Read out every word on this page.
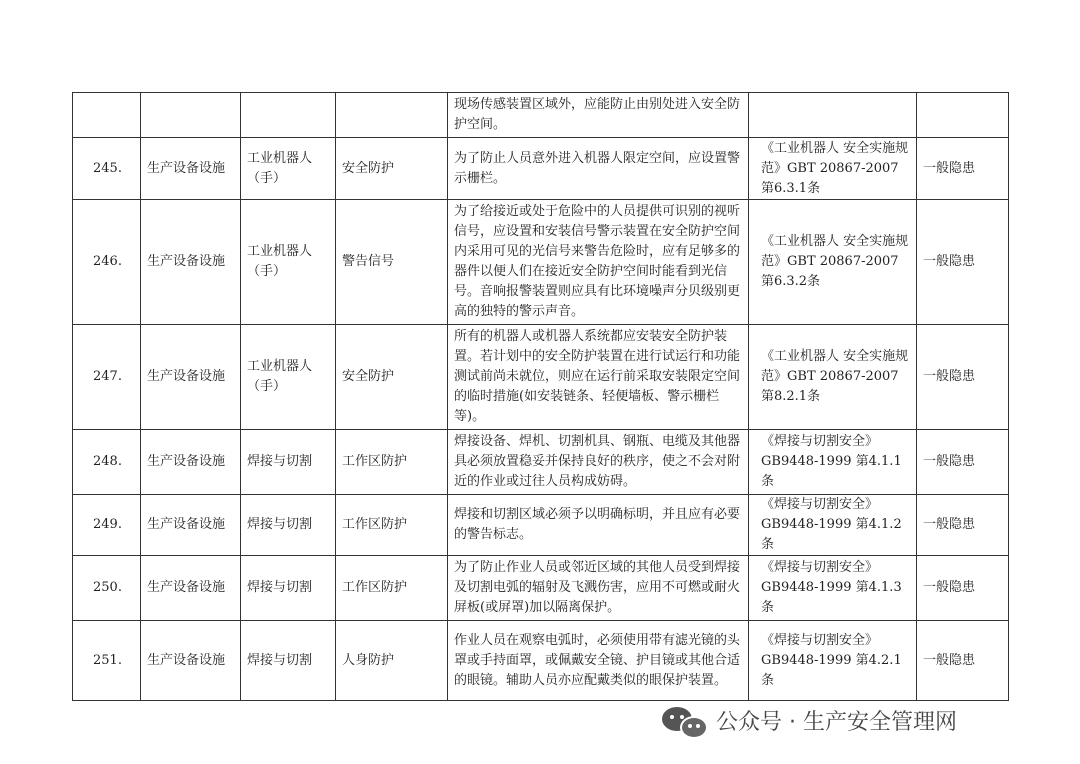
				现场传感装置区域外，应能防止由别处进入安全防护空间。		
245.	生产设备设施	工业机器人（手）	安全防护	为了防止人员意外进入机器人限定空间，应设置警示栅栏。	《工业机器人 安全实施规范》GBT 20867-2007 第6.3.1条	一般隐患
246.	生产设备设施	工业机器人（手）	警告信号	为了给接近或处于危险中的人员提供可识别的视听信号，应设置和安装信号警示装置在安全防护空间内采用可见的光信号来警告危险时，应有足够多的器件以便人们在接近安全防护空间时能看到光信号。音响报警装置则应具有比环境噪声分贝级别更高的独特的警示声音。	《工业机器人 安全实施规范》GBT 20867-2007 第6.3.2条	一般隐患
247.	生产设备设施	工业机器人（手）	安全防护	所有的机器人或机器人系统都应安装安全防护装置。若计划中的安全防护装置在进行试运行和功能测试前尚未就位，则应在运行前采取安装限定空间的临时措施(如安装链条、轻便墙板、警示栅栏等)。	《工业机器人 安全实施规范》GBT 20867-2007 第8.2.1条	一般隐患
248.	生产设备设施	焊接与切割	工作区防护	焊接设备、焊机、切割机具、钢瓶、电缆及其他器具必须放置稳妥并保持良好的秩序，使之不会对附近的作业或过往人员构成妨碍。	《焊接与切割安全》GB9448-1999 第4.1.1条	一般隐患
249.	生产设备设施	焊接与切割	工作区防护	焊接和切割区域必须予以明确标明，并且应有必要的警告标志。	《焊接与切割安全》GB9448-1999 第4.1.2条	一般隐患
250.	生产设备设施	焊接与切割	工作区防护	为了防止作业人员或邻近区域的其他人员受到焊接及切割电弧的辐射及飞溅伤害，应用不可燃或耐火屏板(或屏罩)加以隔离保护。	《焊接与切割安全》GB9448-1999 第4.1.3条	一般隐患
251.	生产设备设施	焊接与切割	人身防护	作业人员在观察电弧时，必须使用带有滤光镜的头罩或手持面罩，或佩戴安全镜、护目镜或其他合适的眼镜。辅助人员亦应配戴类似的眼保护装置。	《焊接与切割安全》GB9448-1999 第4.2.1条	一般隐患
公众号 · 生产安全管理网
